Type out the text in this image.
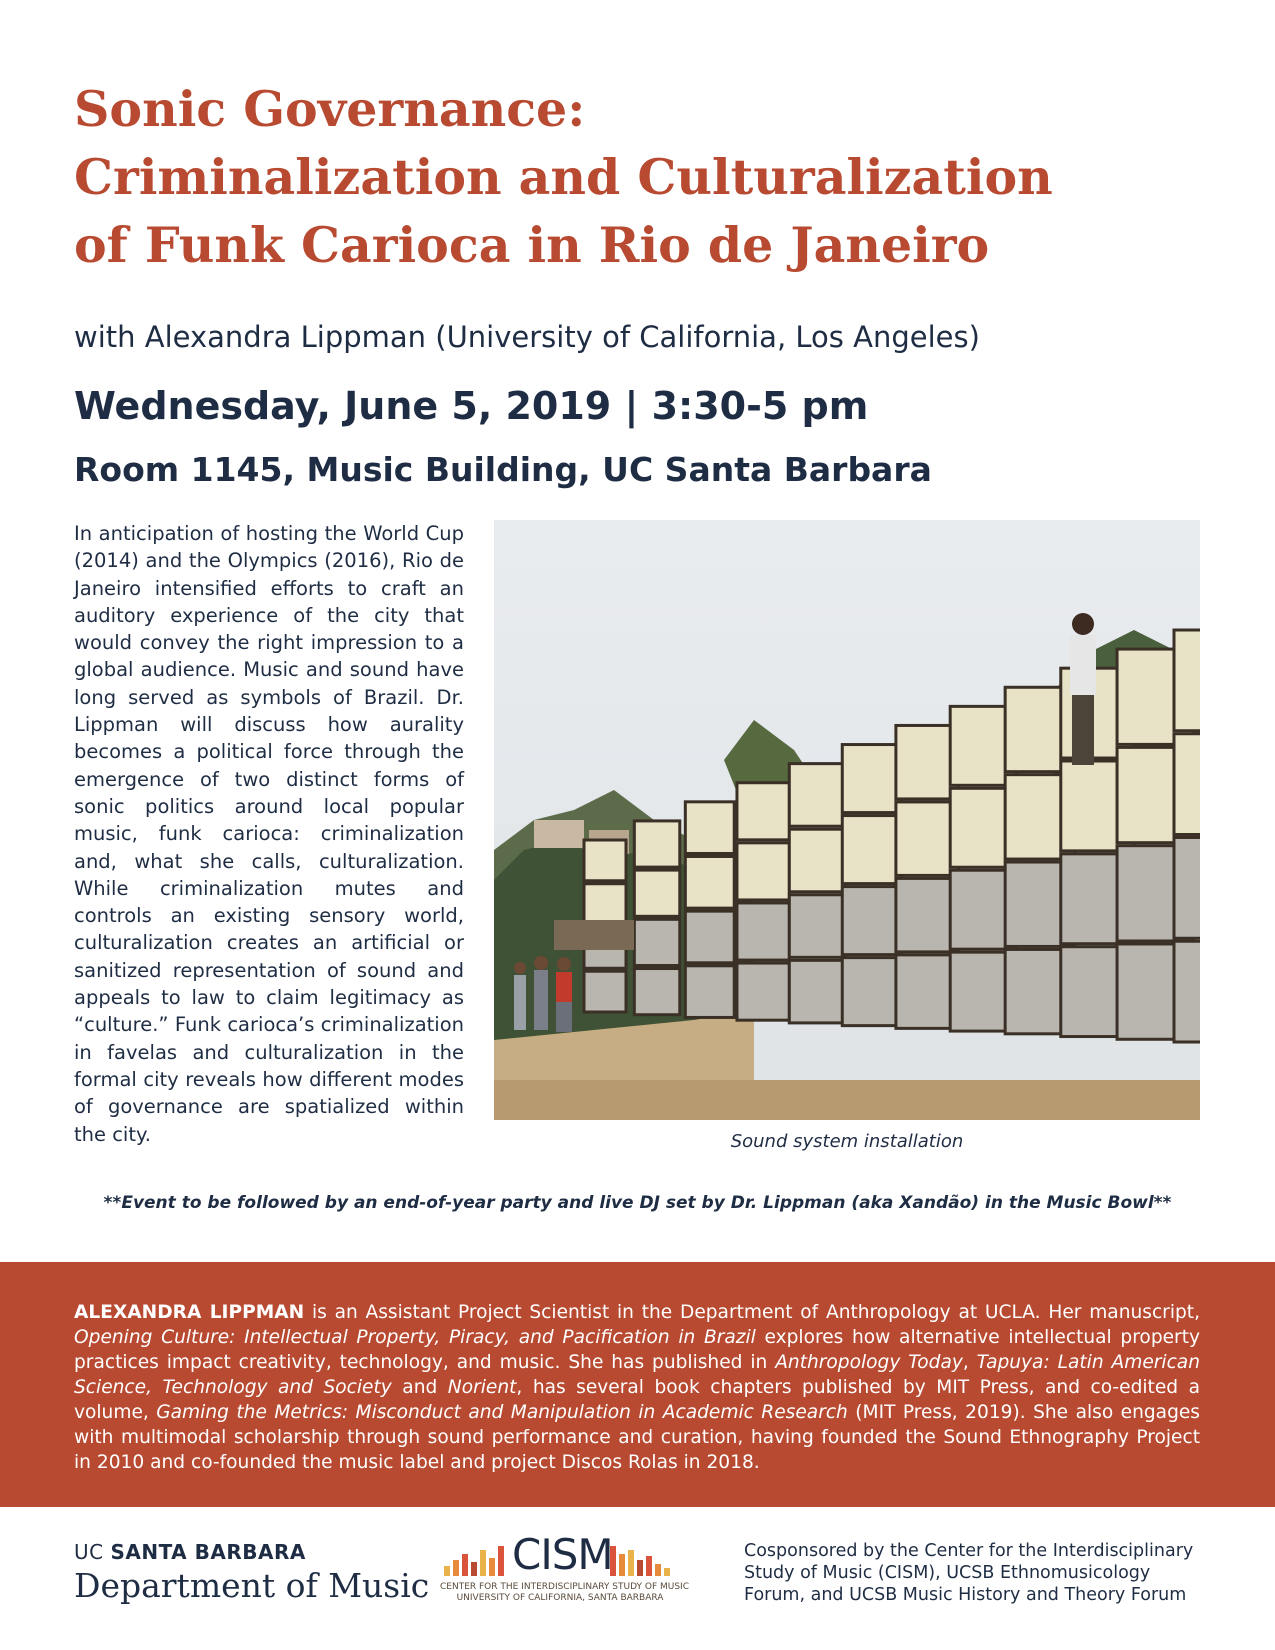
Sonic Governance:
Criminalization and Culturalization
of Funk Carioca in Rio de Janeiro
with Alexandra Lippman (University of California, Los Angeles)
Wednesday, June 5, 2019 | 3:30-5 pm
Room 1145, Music Building, UC Santa Barbara

In anticipation of hosting the World Cup (2014) and the Olympics (2016), Rio de Janeiro intensified efforts to craft an auditory experience of the city that would convey the right impression to a global audience. Music and sound have long served as symbols of Brazil. Dr. Lippman will discuss how aurality becomes a political force through the emergence of two distinct forms of sonic politics around local popular music, funk carioca: criminalization and, what she calls, culturalization. While criminalization mutes and controls an existing sensory world, culturalization creates an artificial or sanitized representation of sound and appeals to law to claim legitimacy as “culture.” Funk carioca’s criminalization in favelas and culturalization in the formal city reveals how different modes of governance are spatialized within the city.	Sound system installation
**Event to be followed by an end-of-year party and live DJ set by Dr. Lippman (aka Xandão) in the Music Bowl**

ALEXANDRA LIPPMAN is an Assistant Project Scientist in the Department of Anthropology at UCLA. Her manuscript, Opening Culture: Intellectual Property, Piracy, and Pacification in Brazil explores how alternative intellectual property practices impact creativity, technology, and music. She has published in Anthropology Today, Tapuya: Latin American Science, Technology and Society and Norient, has several book chapters published by MIT Press, and co-edited a volume, Gaming the Metrics: Misconduct and Manipulation in Academic Research (MIT Press, 2019). She also engages with multimodal scholarship through sound performance and curation, having founded the Sound Ethnography Project in 2010 and co-founded the music label and project Discos Rolas in 2018.

UC SANTA BARBARA
Department of Music
CISM
CENTER FOR THE INTERDISCIPLINARY STUDY OF MUSIC
UNIVERSITY OF CALIFORNIA, SANTA BARBARA
Cosponsored by the Center for the Interdisciplinary Study of Music (CISM), UCSB Ethnomusicology Forum, and UCSB Music History and Theory Forum
